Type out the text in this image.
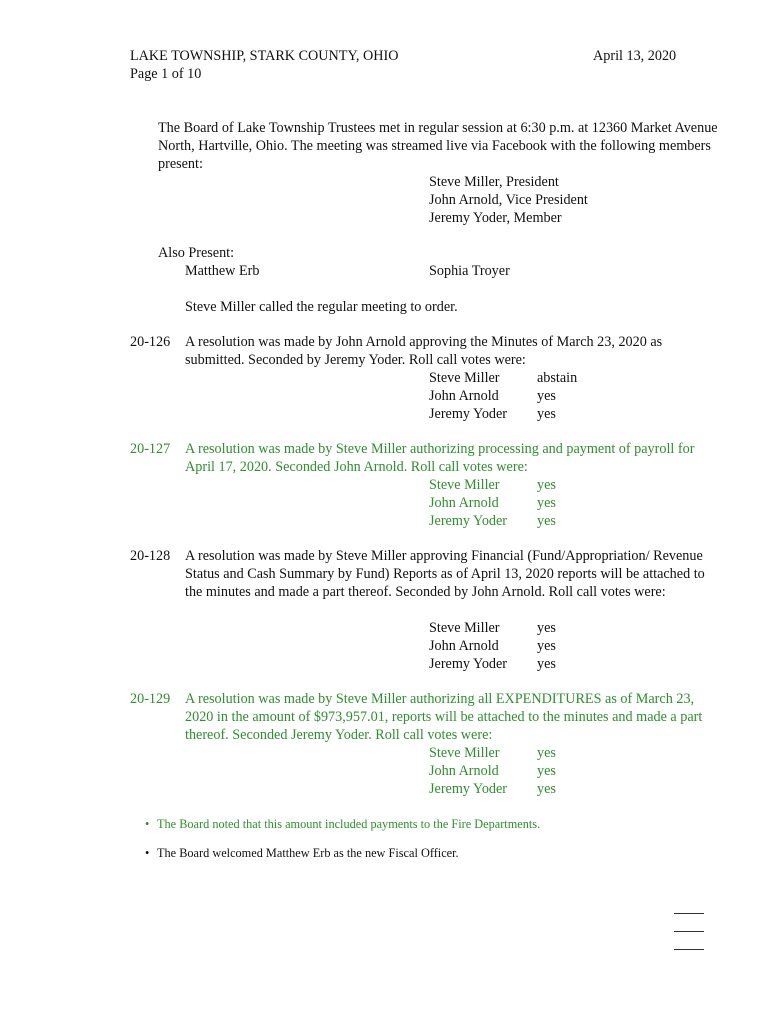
LAKE TOWNSHIP, STARK COUNTY, OHIO
Page 1 of 10
April 13, 2020
The Board of Lake Township Trustees met in regular session at 6:30 p.m. at 12360 Market Avenue North, Hartville, Ohio. The meeting was streamed live via Facebook with the following members present:
Steve Miller, President
John Arnold, Vice President
Jeremy Yoder, Member
Also Present:
Matthew Erb	Sophia Troyer
Steve Miller called the regular meeting to order.
20-126 A resolution was made by John Arnold approving the Minutes of March 23, 2020 as submitted. Seconded by Jeremy Yoder. Roll call votes were:
Steve Miller	abstain
John Arnold	yes
Jeremy Yoder yes
20-127 A resolution was made by Steve Miller authorizing processing and payment of payroll for April 17, 2020. Seconded John Arnold. Roll call votes were:
Steve Miller	yes
John Arnold	yes
Jeremy Yoder yes
20-128 A resolution was made by Steve Miller approving Financial (Fund/Appropriation/ Revenue Status and Cash Summary by Fund) Reports as of April 13, 2020 reports will be attached to the minutes and made a part thereof. Seconded by John Arnold. Roll call votes were:
Steve Miller	yes
John Arnold	yes
Jeremy Yoder yes
20-129 A resolution was made by Steve Miller authorizing all EXPENDITURES as of March 23, 2020 in the amount of $973,957.01, reports will be attached to the minutes and made a part thereof. Seconded Jeremy Yoder. Roll call votes were:
Steve Miller	yes
John Arnold	yes
Jeremy Yoder yes
• The Board noted that this amount included payments to the Fire Departments.
• The Board welcomed Matthew Erb as the new Fiscal Officer.
